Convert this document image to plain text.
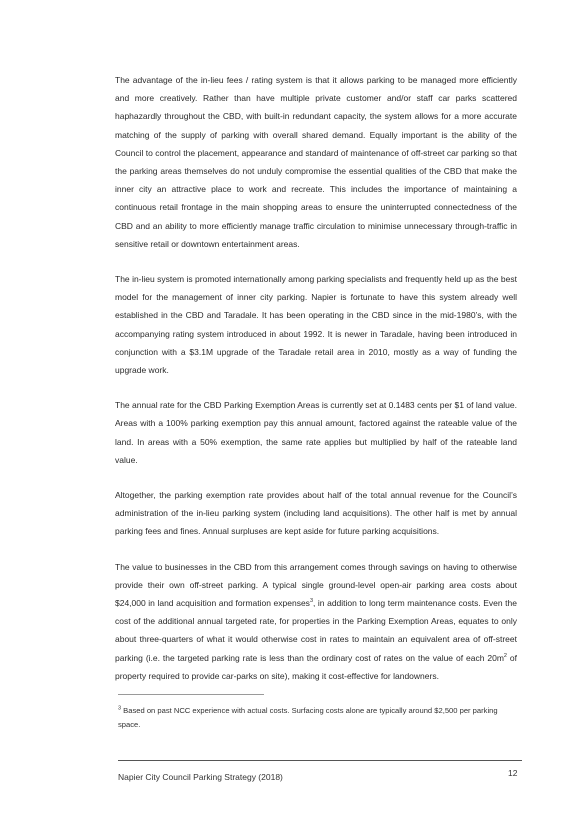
The advantage of the in-lieu fees / rating system is that it allows parking to be managed more efficiently and more creatively. Rather than have multiple private customer and/or staff car parks scattered haphazardly throughout the CBD, with built-in redundant capacity, the system allows for a more accurate matching of the supply of parking with overall shared demand. Equally important is the ability of the Council to control the placement, appearance and standard of maintenance of off-street car parking so that the parking areas themselves do not unduly compromise the essential qualities of the CBD that make the inner city an attractive place to work and recreate. This includes the importance of maintaining a continuous retail frontage in the main shopping areas to ensure the uninterrupted connectedness of the CBD and an ability to more efficiently manage traffic circulation to minimise unnecessary through-traffic in sensitive retail or downtown entertainment areas.

The in-lieu system is promoted internationally among parking specialists and frequently held up as the best model for the management of inner city parking. Napier is fortunate to have this system already well established in the CBD and Taradale. It has been operating in the CBD since in the mid-1980’s, with the accompanying rating system introduced in about 1992. It is newer in Taradale, having been introduced in conjunction with a $3.1M upgrade of the Taradale retail area in 2010, mostly as a way of funding the upgrade work.

The annual rate for the CBD Parking Exemption Areas is currently set at 0.1483 cents per $1 of land value. Areas with a 100% parking exemption pay this annual amount, factored against the rateable value of the land. In areas with a 50% exemption, the same rate applies but multiplied by half of the rateable land value.

Altogether, the parking exemption rate provides about half of the total annual revenue for the Council’s administration of the in-lieu parking system (including land acquisitions). The other half is met by annual parking fees and fines. Annual surpluses are kept aside for future parking acquisitions.

The value to businesses in the CBD from this arrangement comes through savings on having to otherwise provide their own off-street parking. A typical single ground-level open-air parking area costs about $24,000 in land acquisition and formation expenses$^3$, in addition to long term maintenance costs. Even the cost of the additional annual targeted rate, for properties in the Parking Exemption Areas, equates to only about three-quarters of what it would otherwise cost in rates to maintain an equivalent area of off-street parking (i.e. the targeted parking rate is less than the ordinary cost of rates on the value of each $20m^2$ of property required to provide car-parks on site), making it cost-effective for landowners.

$^3$ Based on past NCC experience with actual costs. Surfacing costs alone are typically around $2,500 per parking space.
Napier City Council Parking Strategy (2018)	12
